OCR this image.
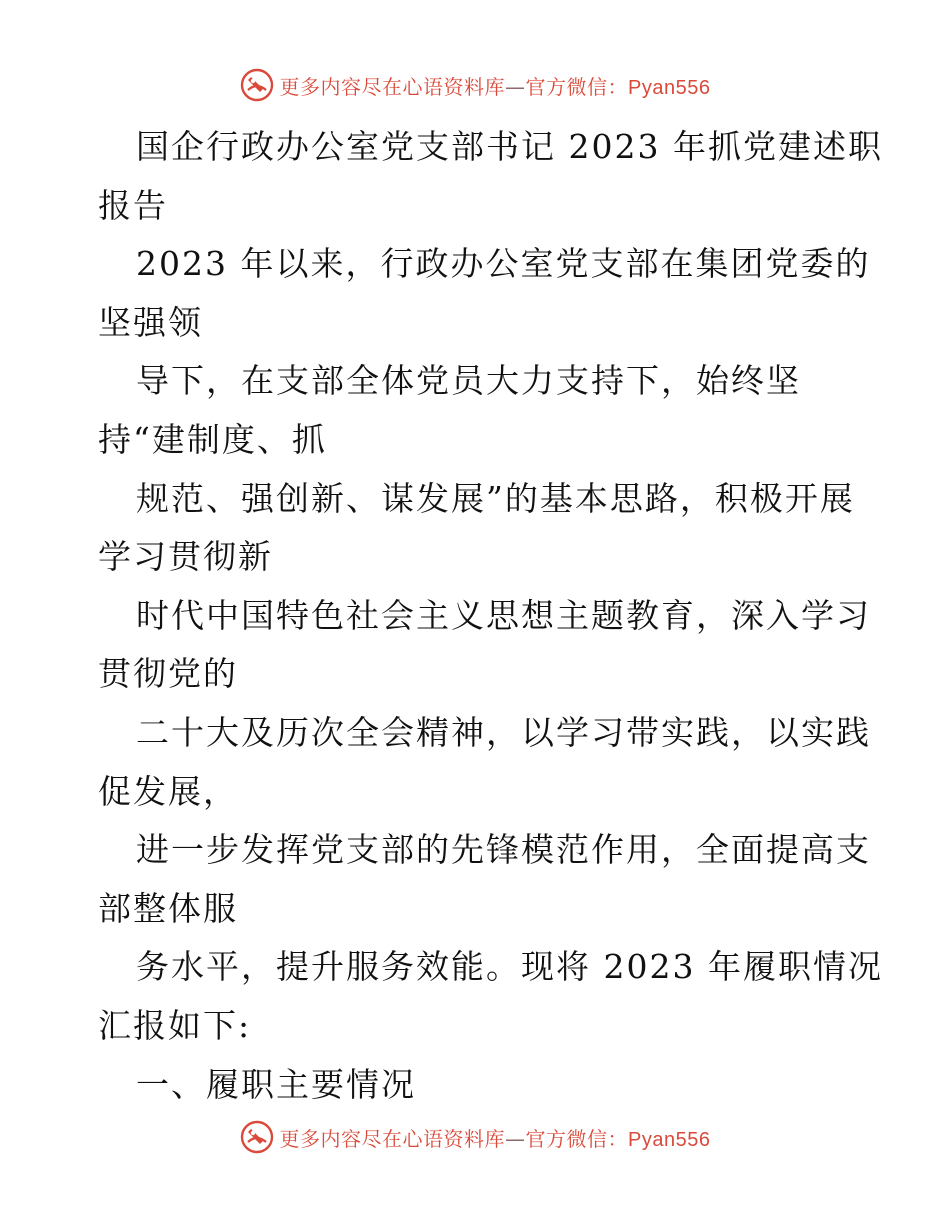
更多内容尽在心语资料库—官方微信：Pyan556
国企行政办公室党支部书记 2023 年抓党建述职
报告
2023 年以来，行政办公室党支部在集团党委的
坚强领
导下，在支部全体党员大力支持下，始终坚
持“建制度、抓
规范、强创新、谋发展”的基本思路，积极开展
学习贯彻新
时代中国特色社会主义思想主题教育，深入学习
贯彻党的
二十大及历次全会精神，以学习带实践，以实践
促发展，
进一步发挥党支部的先锋模范作用，全面提高支
部整体服
务水平，提升服务效能。现将 2023 年履职情况
汇报如下:
一、履职主要情况
更多内容尽在心语资料库—官方微信：Pyan556
